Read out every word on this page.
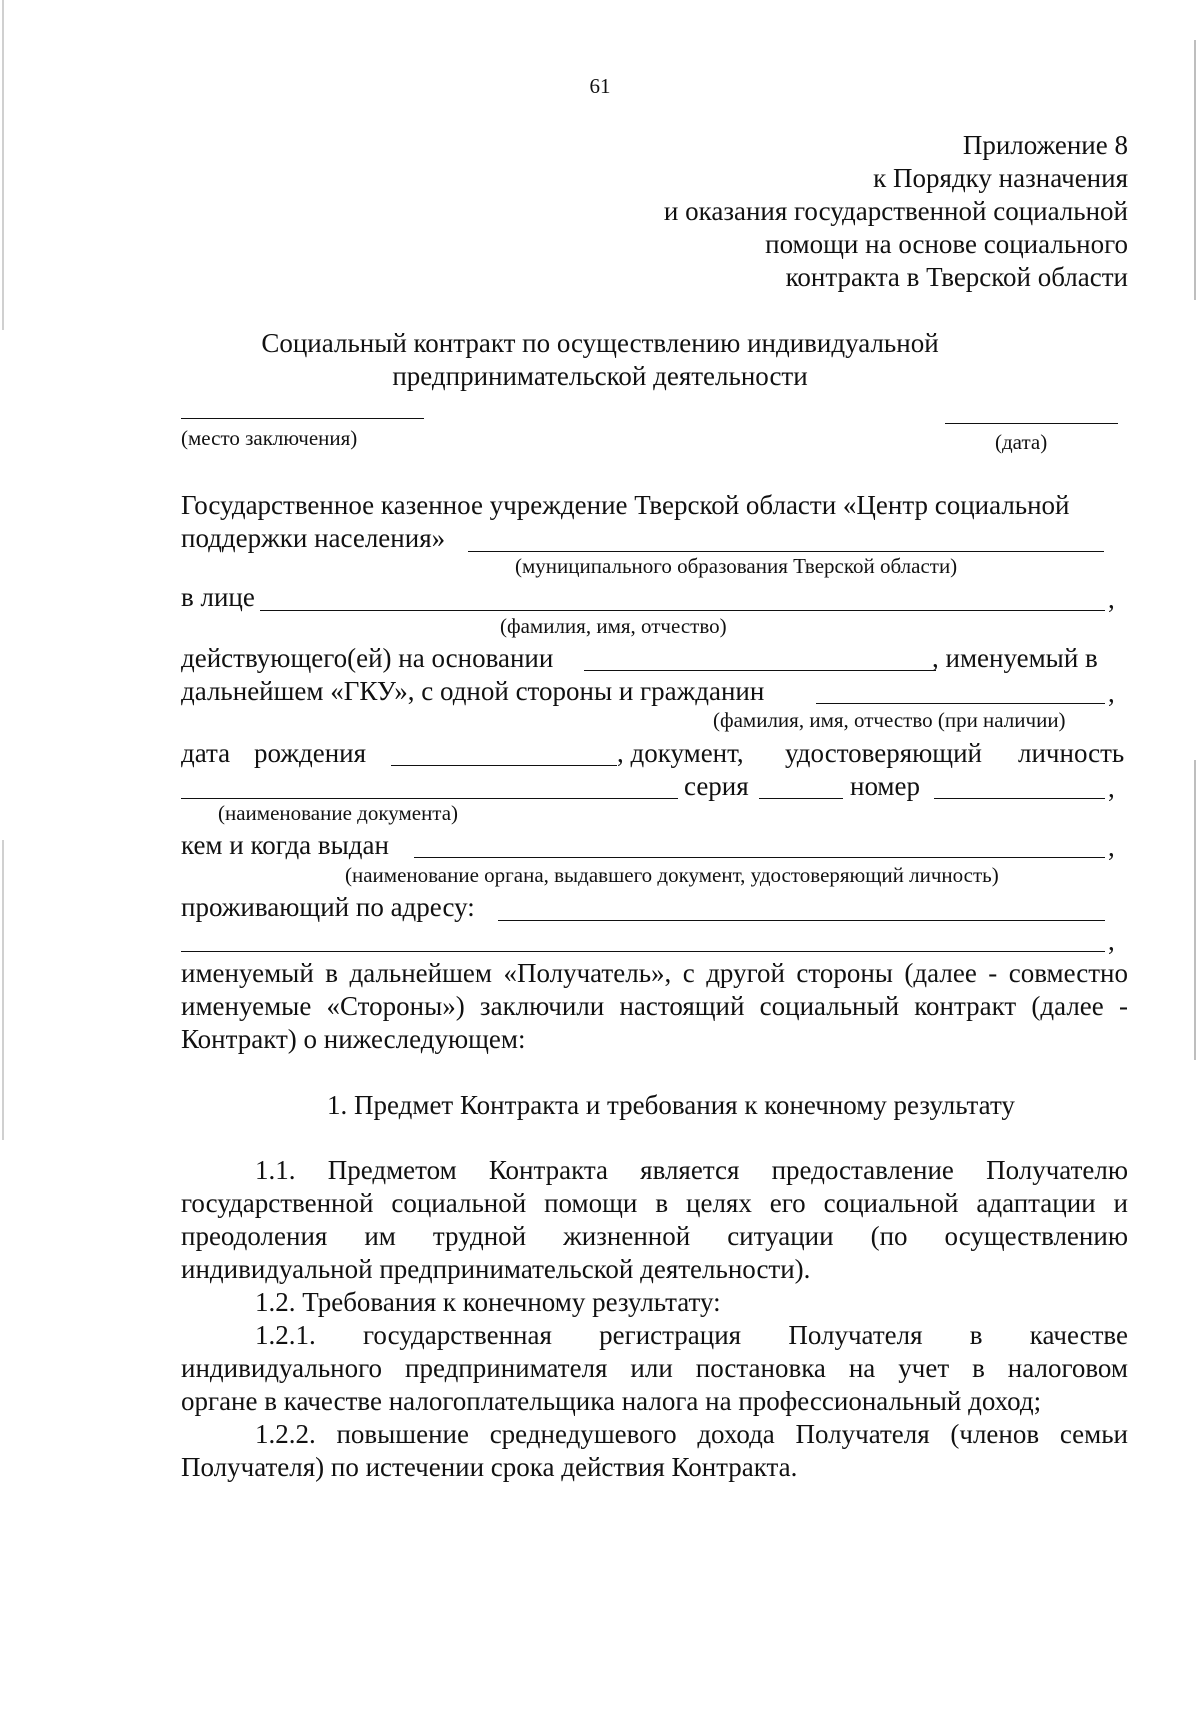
61
Приложение 8
к Порядку назначения
и оказания государственной социальной
помощи на основе социального
контракта в Тверской области
Социальный контракт по осуществлению индивидуальной
предпринимательской деятельности
(место заключения)	(дата)
Государственное казенное учреждение Тверской области «Центр социальной
поддержки населения»
(муниципального образования Тверской области)
в лице	,
(фамилия, имя, отчество)
действующего(ей) на основании	, именуемый в
дальнейшем «ГКУ», с одной стороны и гражданин	,
(фамилия, имя, отчество (при наличии)
дата рождения	, документ, удостоверяющий личность
серия	номер	,
(наименование документа)
кем и когда выдан	,
(наименование органа, выдавшего документ, удостоверяющий личность)
проживающий по адресу:
,
именуемый в дальнейшем «Получатель», с другой стороны (далее - совместно
именуемые «Стороны») заключили настоящий социальный контракт (далее -
Контракт) о нижеследующем:
1. Предмет Контракта и требования к конечному результату
1.1. Предметом Контракта является предоставление Получателю
государственной социальной помощи в целях его социальной адаптации и
преодоления им трудной жизненной ситуации (по осуществлению
индивидуальной предпринимательской деятельности).
1.2. Требования к конечному результату:
1.2.1. государственная регистрация Получателя в качестве
индивидуального предпринимателя или постановка на учет в налоговом
органе в качестве налогоплательщика налога на профессиональный доход;
1.2.2. повышение среднедушевого дохода Получателя (членов семьи
Получателя) по истечении срока действия Контракта.
